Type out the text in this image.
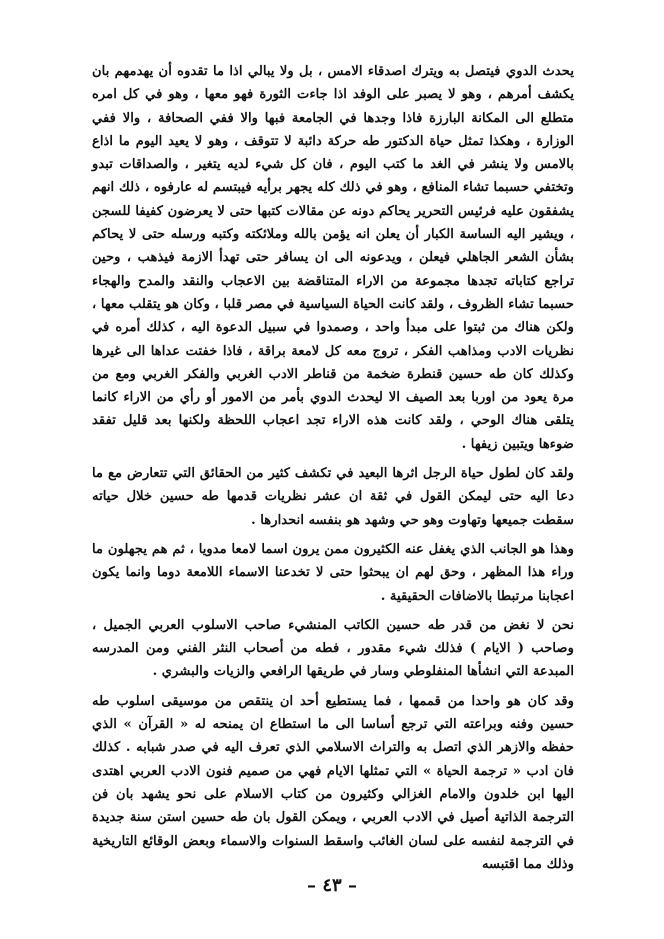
يحدث الدوي فيتصل به ويترك اصدقاء الامس ، بل ولا يبالي اذا ما تقدوه أن يهدمهم بان يكشف أمرهم ، وهو لا يصبر على الوفد اذا جاءت الثورة فهو معها ، وهو في كل امره متطلع الى المكانة البارزة فاذا وجدها في الجامعة فبها والا ففي الصحافة ، والا ففي الوزارة ، وهكذا تمثل حياة الدكتور طه حركة دائبة لا تتوقف ، وهو لا يعيد اليوم ما اذاع بالامس ولا ينشر في الغد ما كتب اليوم ، فان كل شيء لديه يتغير ، والصداقات تبدو وتختفي حسبما تشاء المنافع ، وهو في ذلك كله يجهر برأيه فيبتسم له عارفوه ، ذلك انهم يشفقون عليه فرئيس التحرير يحاكم دونه عن مقالات كتبها حتى لا يعرضون كفيفا للسجن ، ويشير اليه الساسة الكبار أن يعلن انه يؤمن بالله وملائكته وكتبه ورسله حتى لا يحاكم بشأن الشعر الجاهلي فيعلن ، ويدعونه الى ان يسافر حتى تهدأ الازمة فيذهب ، وحين تراجع كتاباته تجدها مجموعة من الاراء المتناقضة بين الاعجاب والنقد والمدح والهجاء حسبما تشاء الظروف ، ولقد كانت الحياة السياسية في مصر قلبا ، وكان هو يتقلب معها ، ولكن هناك من ثبتوا على مبدأ واحد ، وصمدوا في سبيل الدعوة اليه ، كذلك أمره في نظريات الادب ومذاهب الفكر ، تروج معه كل لامعة براقة ، فاذا خفتت عداها الى غيرها وكذلك كان طه حسين قنطرة ضخمة من قناطر الادب الغربي والفكر الغربي ومع من مرة يعود من اوربا بعد الصيف الا ليحدث الدوي بأمر من الامور أو رأي من الاراء كانما يتلقى هناك الوحي ، ولقد كانت هذه الاراء تجد اعجاب اللحظة ولكنها بعد قليل تفقد ضوءها ويتبين زيفها .

ولقد كان لطول حياة الرجل اثرها البعيد في تكشف كثير من الحقائق التي تتعارض مع ما دعا اليه حتى ليمكن القول في ثقة ان عشر نظريات قدمها طه حسين خلال حياته سقطت جميعها وتهاوت وهو حي وشهد هو بنفسه انحدارها .

وهذا هو الجانب الذي يغفل عنه الكثيرون ممن يرون اسما لامعا مدويا ، ثم هم يجهلون ما وراء هذا المظهر ، وحق لهم ان يبحثوا حتى لا تخدعنا الاسماء اللامعة دوما وانما يكون اعجابنا مرتبطا بالاضافات الحقيقية .

نحن لا نغض من قدر طه حسين الكاتب المنشيء صاحب الاسلوب العربي الجميل ، وصاحب ( الايام ) فذلك شيء مقدور ، فطه من أصحاب النثر الفني ومن المدرسه المبدعة التي انشأها المنفلوطي وسار في طريقها الرافعي والزيات والبشري .

وقد كان هو واحدا من قممها ، فما يستطيع أحد ان ينتقص من موسيقى اسلوب طه حسين وفنه وبراعته التي ترجع أساسا الى ما استطاع ان يمنحه له « القرآن » الذي حفظه والازهر الذي اتصل به والتراث الاسلامي الذي تعرف اليه في صدر شبابه . كذلك فان ادب « ترجمة الحياة » التي تمثلها الايام فهي من صميم فنون الادب العربي اهتدى اليها ابن خلدون والامام الغزالي وكثيرون من كتاب الاسلام على نحو يشهد بان فن الترجمة الذاتية أصيل في الادب العربي ، ويمكن القول بان طه حسين استن سنة جديدة في الترجمة لنفسه على لسان الغائب واسقط السنوات والاسماء وبعض الوقائع التاريخية وذلك مما اقتبسه

– ٤٣ –
